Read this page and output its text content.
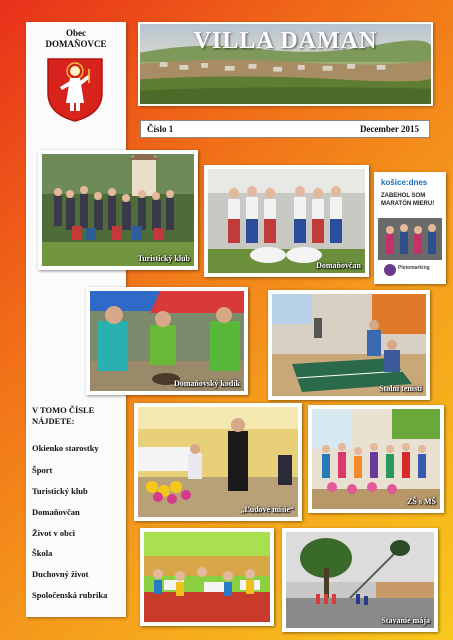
Obec
DOMAŇOVCE	VILLA DAMAN
Číslo 1	December 2015
Turistický klub
Domaňovčan
košice:dnes
ZABEHOL SOM
MARATÓN MIERU!
Pletomarking
Domaňovský kodík
Stolní tenisti
„Ľudové misie“
ZŠ s MŠ
Stavanie mája
V TOMO ČÍSLE
NÁJDETE:
Okienko starostky
Šport
Turistický klub
Domaňovčan
Život v obci
Škola
Duchovný život
Spoločenská rubrika
